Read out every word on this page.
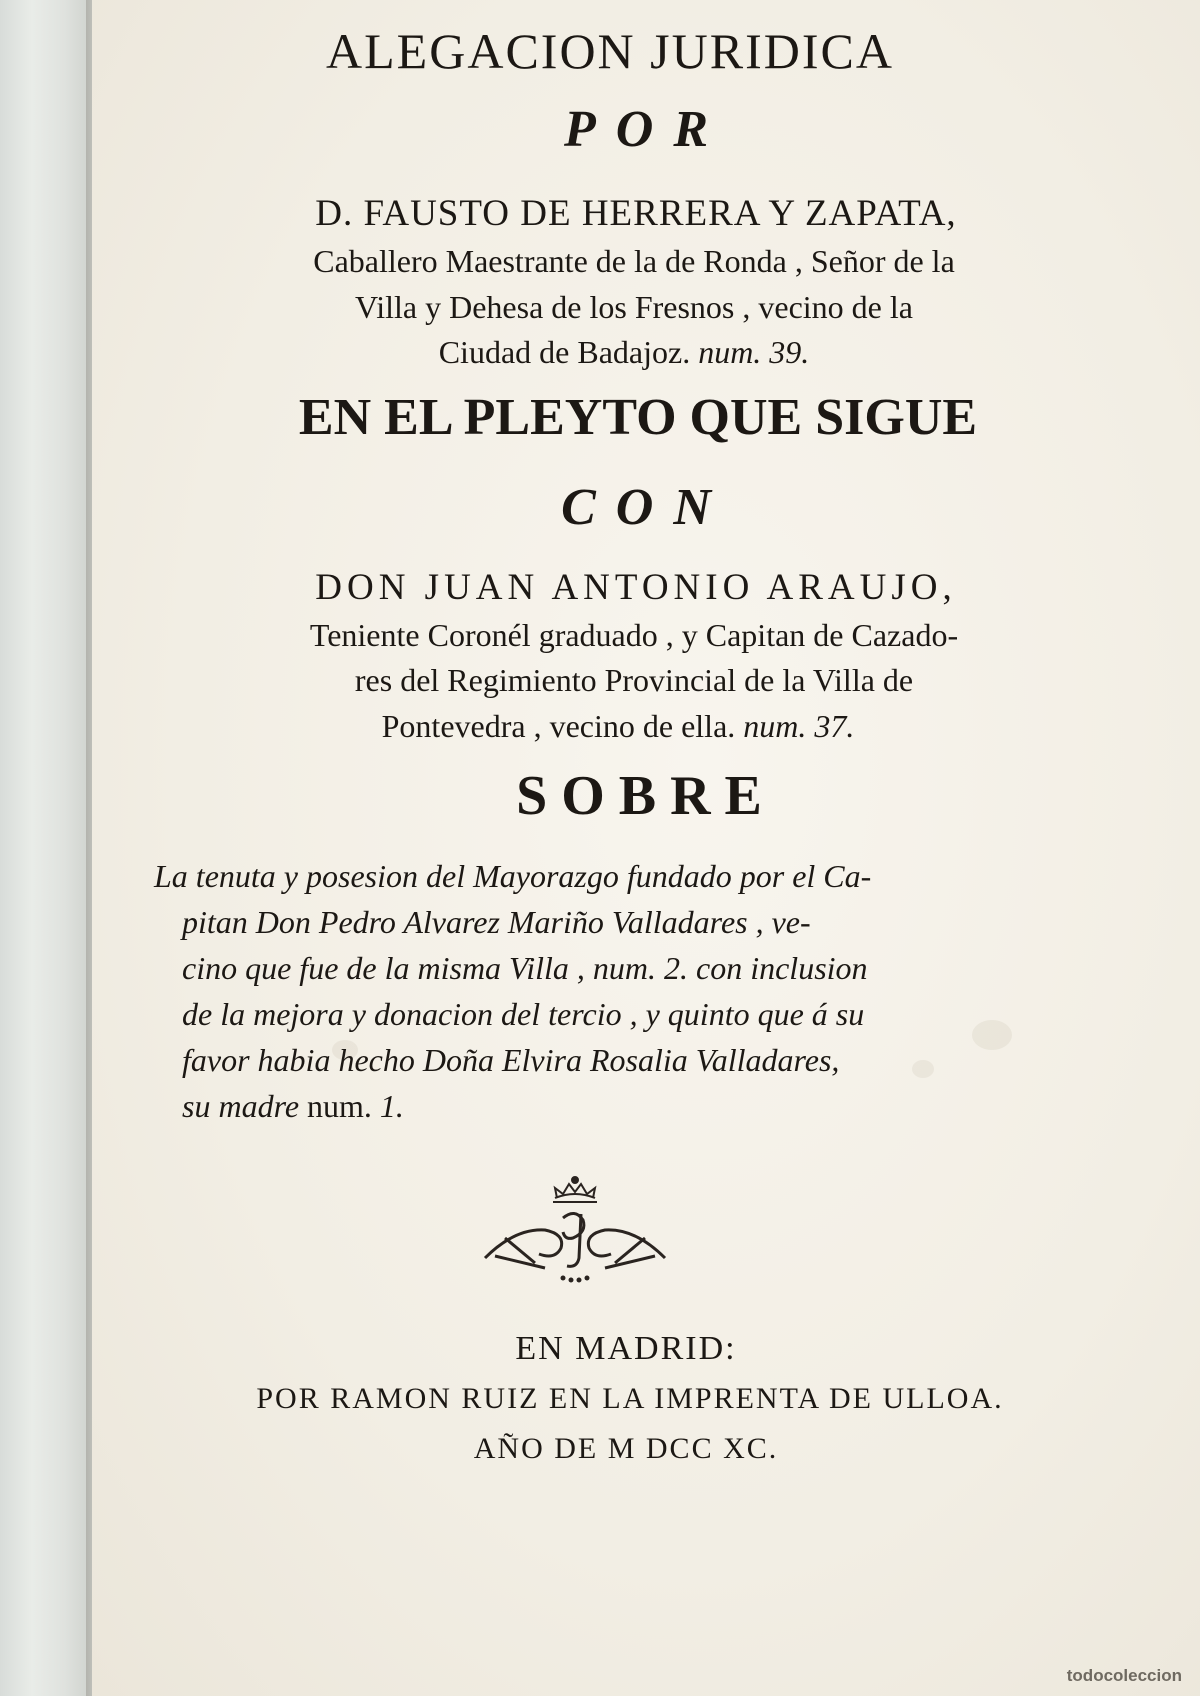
ALEGACION JURIDICA
POR
D. FAUSTO DE HERRERA Y ZAPATA,
Caballero Maestrante de la de Ronda , Señor de la
Villa y Dehesa de los Fresnos , vecino de la
Ciudad de Badajoz. num. 39.
EN EL PLEYTO QUE SIGUE
CON
DON JUAN ANTONIO ARAUJO,
Teniente Coronél graduado , y Capitan de Cazado-
res del Regimiento Provincial de la Villa de
Pontevedra , vecino de ella. num. 37.
SOBRE
La tenuta y posesion del Mayorazgo fundado por el Ca-
pitan Don Pedro Alvarez Mariño Valladares , ve-
cino que fue de la misma Villa , num. 2. con inclusion
de la mejora y donacion del tercio , y quinto que á su
favor habia hecho Doña Elvira Rosalia Valladares,
su madre num. 1.
EN MADRID:
POR RAMON RUIZ EN LA IMPRENTA DE ULLOA.
AÑO DE M DCC XC.
todocoleccion
